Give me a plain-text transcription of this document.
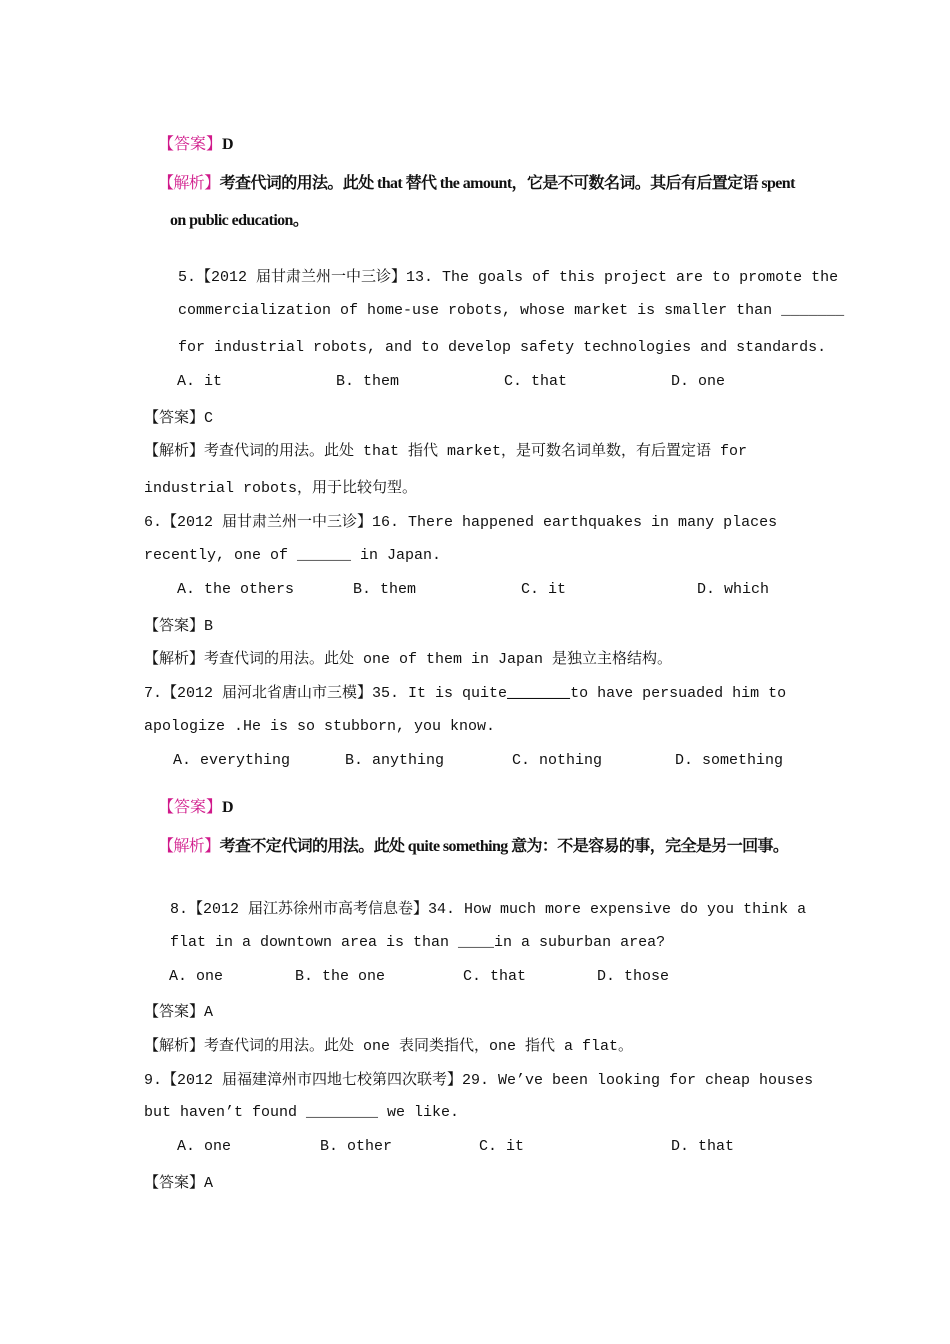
【答案】D
【解析】考查代词的用法。此处 that 替代 the amount，它是不可数名词。其后有后置定语 spent
on public education。
5.【2012 届甘肃兰州一中三诊】13. The goals of this project are to promote the
commercialization of home-use robots, whose market is smaller than _______
for industrial robots, and to develop safety technologies and standards.
A. it	B. them	C. that	D. one
【答案】C
【解析】考查代词的用法。此处 that 指代 market，是可数名词单数，有后置定语 for
industrial robots，用于比较句型。
6.【2012 届甘肃兰州一中三诊】16. There happened earthquakes in many places
recently, one of ______ in Japan.
A. the others	B. them	C. it	D. which
【答案】B
【解析】考查代词的用法。此处 one of them in Japan 是独立主格结构。
7.【2012 届河北省唐山市三模】35. It is quite_______to have persuaded him to
apologize .He is so stubborn, you know.
A. everything	B. anything	C. nothing	D. something
【答案】D
【解析】考查不定代词的用法。此处 quite something 意为：不是容易的事，完全是另一回事。
8.【2012 届江苏徐州市高考信息卷】34. How much more expensive do you think a
flat in a downtown area is than ____in a suburban area?
A. one	B. the one	C. that	D. those
【答案】A
【解析】考查代词的用法。此处 one 表同类指代，one 指代 a flat。
9.【2012 届福建漳州市四地七校第四次联考】29. We’ve been looking for cheap houses
but haven’t found ________ we like.
A. one	B. other	C. it	D. that
【答案】A
